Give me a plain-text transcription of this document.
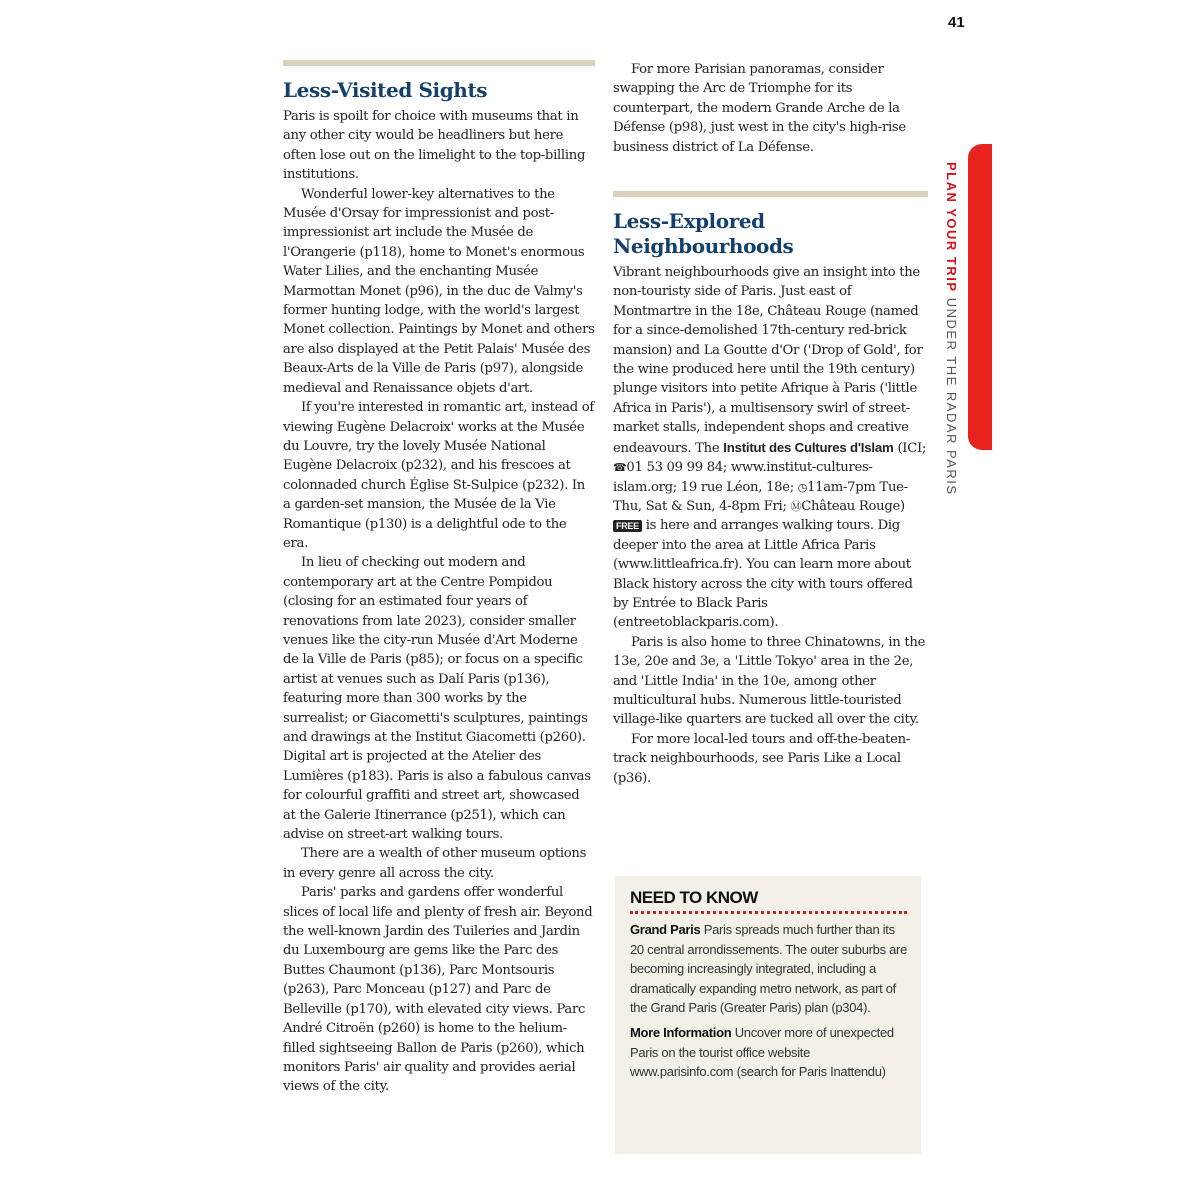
41
Less-Visited Sights

Paris is spoilt for choice with museums that in any other city would be headliners but here often lose out on the limelight to the top-billing institutions.

Wonderful lower-key alternatives to the Musée d'Orsay for impressionist and post-impressionist art include the Musée de l'Orangerie (p118), home to Monet's enormous Water Lilies, and the enchanting Musée Marmottan Monet (p96), in the duc de Valmy's former hunting lodge, with the world's largest Monet collection. Paintings by Monet and others are also displayed at the Petit Palais' Musée des Beaux-Arts de la Ville de Paris (p97), alongside medieval and Renaissance objets d'art.

If you're interested in romantic art, instead of viewing Eugène Delacroix' works at the Musée du Louvre, try the lovely Musée National Eugène Delacroix (p232), and his frescoes at colonnaded church Église St-Sulpice (p232). In a garden-set mansion, the Musée de la Vie Romantique (p130) is a delightful ode to the era.

In lieu of checking out modern and contemporary art at the Centre Pompidou (closing for an estimated four years of renovations from late 2023), consider smaller venues like the city-run Musée d'Art Moderne de la Ville de Paris (p85); or focus on a specific artist at venues such as Dalí Paris (p136), featuring more than 300 works by the surrealist; or Giacometti's sculptures, paintings and drawings at the Institut Giacometti (p260). Digital art is projected at the Atelier des Lumières (p183). Paris is also a fabulous canvas for colourful graffiti and street art, showcased at the Galerie Itinerrance (p251), which can advise on street-art walking tours.

There are a wealth of other museum options in every genre all across the city.

Paris' parks and gardens offer wonderful slices of local life and plenty of fresh air. Beyond the well-known Jardin des Tuileries and Jardin du Luxembourg are gems like the Parc des Buttes Chaumont (p136), Parc Montsouris (p263), Parc Monceau (p127) and Parc de Belleville (p170), with elevated city views. Parc André Citroën (p260) is home to the helium-filled sightseeing Ballon de Paris (p260), which monitors Paris' air quality and provides aerial views of the city.

For more Parisian panoramas, consider swapping the Arc de Triomphe for its counterpart, the modern Grande Arche de la Défense (p98), just west in the city's high-rise business district of La Défense.

Less-Explored
Neighbourhoods

Vibrant neighbourhoods give an insight into the non-touristy side of Paris. Just east of Montmartre in the 18e, Château Rouge (named for a since-demolished 17th-century red-brick mansion) and La Goutte d'Or ('Drop of Gold', for the wine produced here until the 19th century) plunge visitors into petite Afrique à Paris ('little Africa in Paris'), a multisensory swirl of street-market stalls, independent shops and creative endeavours. The Institut des Cultures d'Islam (ICI; ☎01 53 09 99 84; www.institut-cultures-islam.org; 19 rue Léon, 18e; ◷11am-7pm Tue-Thu, Sat & Sun, 4-8pm Fri; ⓂChâteau Rouge) FREE is here and arranges walking tours. Dig deeper into the area at Little Africa Paris (www.littleafrica.fr). You can learn more about Black history across the city with tours offered by Entrée to Black Paris (entreetoblackparis.com).

Paris is also home to three Chinatowns, in the 13e, 20e and 3e, a 'Little Tokyo' area in the 2e, and 'Little India' in the 10e, among other multicultural hubs. Numerous little-touristed village-like quarters are tucked all over the city.

For more local-led tours and off-the-beaten-track neighbourhoods, see Paris Like a Local (p36).

NEED TO KNOW

Grand Paris Paris spreads much further than its 20 central arrondissements. The outer suburbs are becoming increasingly integrated, including a dramatically expanding metro network, as part of the Grand Paris (Greater Paris) plan (p304).

More Information Uncover more of unexpected Paris on the tourist office website www.parisinfo.com (search for Paris Inattendu)

PLAN YOUR TRIP UNDER THE RADAR PARIS
